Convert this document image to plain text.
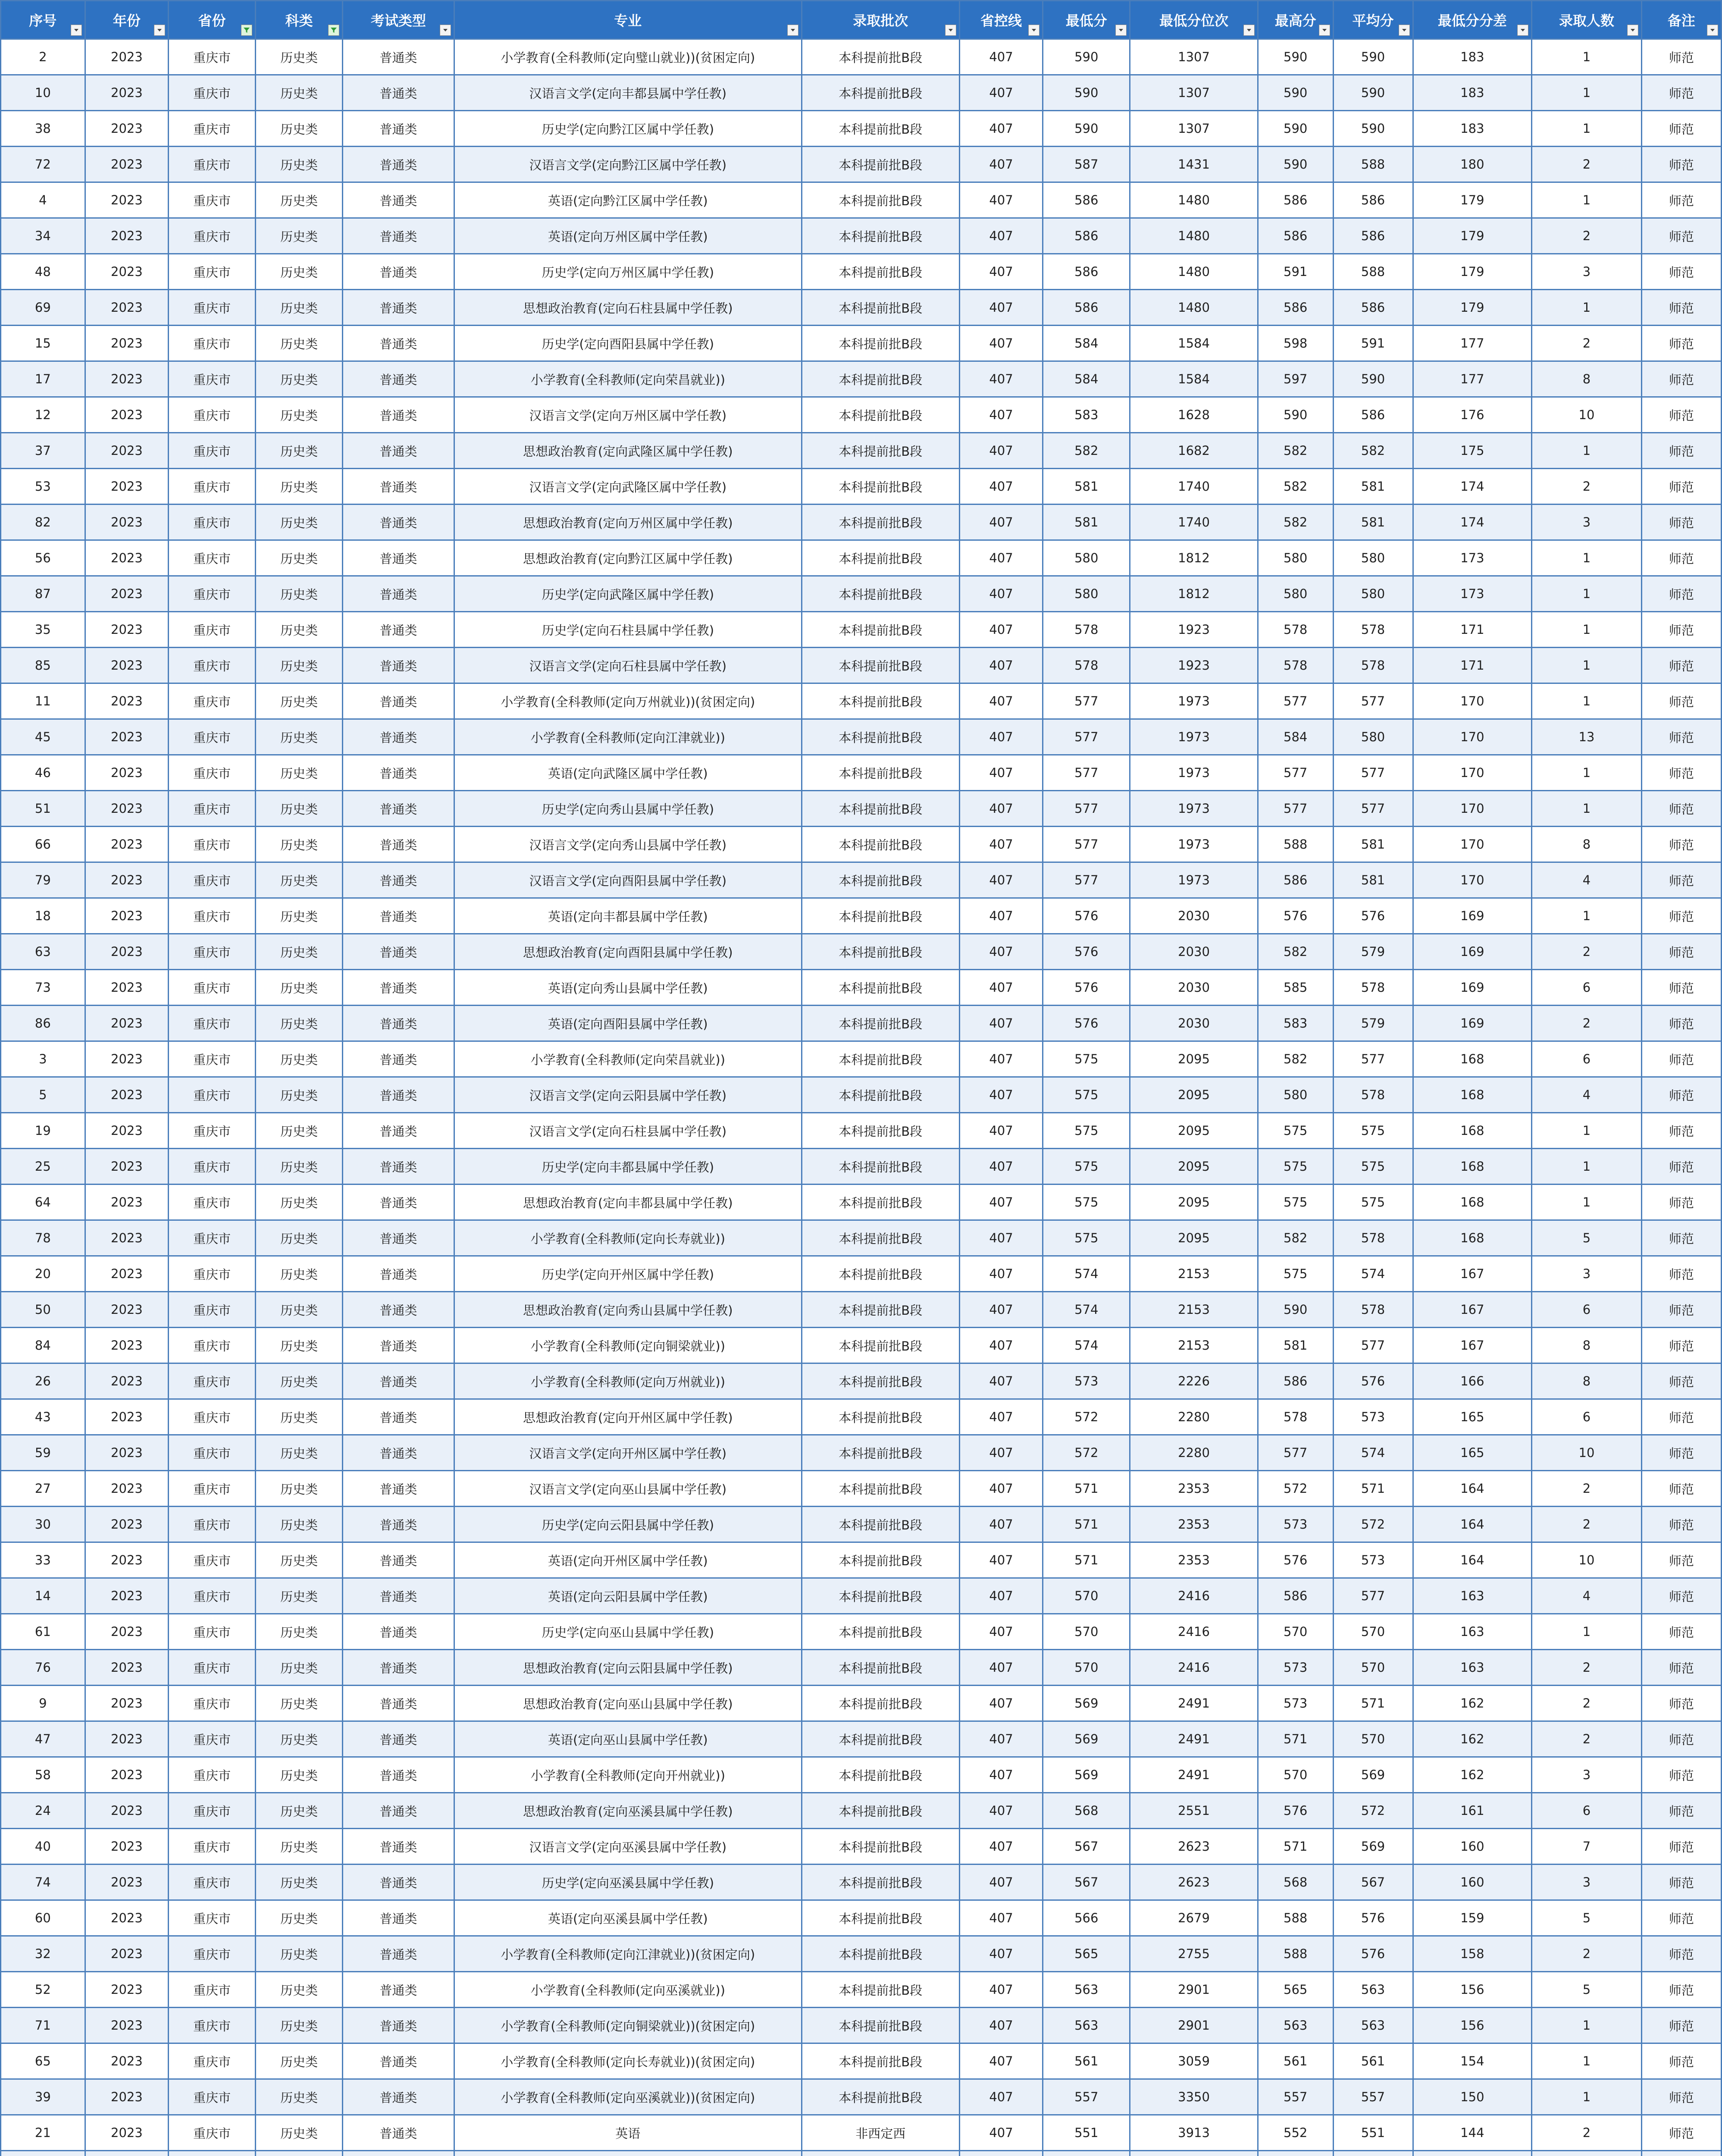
序号	年份	省份	科类	考试类型	专业	录取批次	省控线	最低分	最低分位次	最高分	平均分	最低分分差	录取人数	备注

2	2023	重庆市	历史类	普通类	小学教育(全科教师(定向璧山就业))(贫困定向)	本科提前批B段	407	590	1307	590	590	183	1	师范
10	2023	重庆市	历史类	普通类	汉语言文学(定向丰都县属中学任教)	本科提前批B段	407	590	1307	590	590	183	1	师范
38	2023	重庆市	历史类	普通类	历史学(定向黔江区属中学任教)	本科提前批B段	407	590	1307	590	590	183	1	师范
72	2023	重庆市	历史类	普通类	汉语言文学(定向黔江区属中学任教)	本科提前批B段	407	587	1431	590	588	180	2	师范
4	2023	重庆市	历史类	普通类	英语(定向黔江区属中学任教)	本科提前批B段	407	586	1480	586	586	179	1	师范
34	2023	重庆市	历史类	普通类	英语(定向万州区属中学任教)	本科提前批B段	407	586	1480	586	586	179	2	师范
48	2023	重庆市	历史类	普通类	历史学(定向万州区属中学任教)	本科提前批B段	407	586	1480	591	588	179	3	师范
69	2023	重庆市	历史类	普通类	思想政治教育(定向石柱县属中学任教)	本科提前批B段	407	586	1480	586	586	179	1	师范
15	2023	重庆市	历史类	普通类	历史学(定向酉阳县属中学任教)	本科提前批B段	407	584	1584	598	591	177	2	师范
17	2023	重庆市	历史类	普通类	小学教育(全科教师(定向荣昌就业))	本科提前批B段	407	584	1584	597	590	177	8	师范
12	2023	重庆市	历史类	普通类	汉语言文学(定向万州区属中学任教)	本科提前批B段	407	583	1628	590	586	176	10	师范
37	2023	重庆市	历史类	普通类	思想政治教育(定向武隆区属中学任教)	本科提前批B段	407	582	1682	582	582	175	1	师范
53	2023	重庆市	历史类	普通类	汉语言文学(定向武隆区属中学任教)	本科提前批B段	407	581	1740	582	581	174	2	师范
82	2023	重庆市	历史类	普通类	思想政治教育(定向万州区属中学任教)	本科提前批B段	407	581	1740	582	581	174	3	师范
56	2023	重庆市	历史类	普通类	思想政治教育(定向黔江区属中学任教)	本科提前批B段	407	580	1812	580	580	173	1	师范
87	2023	重庆市	历史类	普通类	历史学(定向武隆区属中学任教)	本科提前批B段	407	580	1812	580	580	173	1	师范
35	2023	重庆市	历史类	普通类	历史学(定向石柱县属中学任教)	本科提前批B段	407	578	1923	578	578	171	1	师范
85	2023	重庆市	历史类	普通类	汉语言文学(定向石柱县属中学任教)	本科提前批B段	407	578	1923	578	578	171	1	师范
11	2023	重庆市	历史类	普通类	小学教育(全科教师(定向万州就业))(贫困定向)	本科提前批B段	407	577	1973	577	577	170	1	师范
45	2023	重庆市	历史类	普通类	小学教育(全科教师(定向江津就业))	本科提前批B段	407	577	1973	584	580	170	13	师范
46	2023	重庆市	历史类	普通类	英语(定向武隆区属中学任教)	本科提前批B段	407	577	1973	577	577	170	1	师范
51	2023	重庆市	历史类	普通类	历史学(定向秀山县属中学任教)	本科提前批B段	407	577	1973	577	577	170	1	师范
66	2023	重庆市	历史类	普通类	汉语言文学(定向秀山县属中学任教)	本科提前批B段	407	577	1973	588	581	170	8	师范
79	2023	重庆市	历史类	普通类	汉语言文学(定向酉阳县属中学任教)	本科提前批B段	407	577	1973	586	581	170	4	师范
18	2023	重庆市	历史类	普通类	英语(定向丰都县属中学任教)	本科提前批B段	407	576	2030	576	576	169	1	师范
63	2023	重庆市	历史类	普通类	思想政治教育(定向酉阳县属中学任教)	本科提前批B段	407	576	2030	582	579	169	2	师范
73	2023	重庆市	历史类	普通类	英语(定向秀山县属中学任教)	本科提前批B段	407	576	2030	585	578	169	6	师范
86	2023	重庆市	历史类	普通类	英语(定向酉阳县属中学任教)	本科提前批B段	407	576	2030	583	579	169	2	师范
3	2023	重庆市	历史类	普通类	小学教育(全科教师(定向荣昌就业))	本科提前批B段	407	575	2095	582	577	168	6	师范
5	2023	重庆市	历史类	普通类	汉语言文学(定向云阳县属中学任教)	本科提前批B段	407	575	2095	580	578	168	4	师范
19	2023	重庆市	历史类	普通类	汉语言文学(定向石柱县属中学任教)	本科提前批B段	407	575	2095	575	575	168	1	师范
25	2023	重庆市	历史类	普通类	历史学(定向丰都县属中学任教)	本科提前批B段	407	575	2095	575	575	168	1	师范
64	2023	重庆市	历史类	普通类	思想政治教育(定向丰都县属中学任教)	本科提前批B段	407	575	2095	575	575	168	1	师范
78	2023	重庆市	历史类	普通类	小学教育(全科教师(定向长寿就业))	本科提前批B段	407	575	2095	582	578	168	5	师范
20	2023	重庆市	历史类	普通类	历史学(定向开州区属中学任教)	本科提前批B段	407	574	2153	575	574	167	3	师范
50	2023	重庆市	历史类	普通类	思想政治教育(定向秀山县属中学任教)	本科提前批B段	407	574	2153	590	578	167	6	师范
84	2023	重庆市	历史类	普通类	小学教育(全科教师(定向铜梁就业))	本科提前批B段	407	574	2153	581	577	167	8	师范
26	2023	重庆市	历史类	普通类	小学教育(全科教师(定向万州就业))	本科提前批B段	407	573	2226	586	576	166	8	师范
43	2023	重庆市	历史类	普通类	思想政治教育(定向开州区属中学任教)	本科提前批B段	407	572	2280	578	573	165	6	师范
59	2023	重庆市	历史类	普通类	汉语言文学(定向开州区属中学任教)	本科提前批B段	407	572	2280	577	574	165	10	师范
27	2023	重庆市	历史类	普通类	汉语言文学(定向巫山县属中学任教)	本科提前批B段	407	571	2353	572	571	164	2	师范
30	2023	重庆市	历史类	普通类	历史学(定向云阳县属中学任教)	本科提前批B段	407	571	2353	573	572	164	2	师范
33	2023	重庆市	历史类	普通类	英语(定向开州区属中学任教)	本科提前批B段	407	571	2353	576	573	164	10	师范
14	2023	重庆市	历史类	普通类	英语(定向云阳县属中学任教)	本科提前批B段	407	570	2416	586	577	163	4	师范
61	2023	重庆市	历史类	普通类	历史学(定向巫山县属中学任教)	本科提前批B段	407	570	2416	570	570	163	1	师范
76	2023	重庆市	历史类	普通类	思想政治教育(定向云阳县属中学任教)	本科提前批B段	407	570	2416	573	570	163	2	师范
9	2023	重庆市	历史类	普通类	思想政治教育(定向巫山县属中学任教)	本科提前批B段	407	569	2491	573	571	162	2	师范
47	2023	重庆市	历史类	普通类	英语(定向巫山县属中学任教)	本科提前批B段	407	569	2491	571	570	162	2	师范
58	2023	重庆市	历史类	普通类	小学教育(全科教师(定向开州就业))	本科提前批B段	407	569	2491	570	569	162	3	师范
24	2023	重庆市	历史类	普通类	思想政治教育(定向巫溪县属中学任教)	本科提前批B段	407	568	2551	576	572	161	6	师范
40	2023	重庆市	历史类	普通类	汉语言文学(定向巫溪县属中学任教)	本科提前批B段	407	567	2623	571	569	160	7	师范
74	2023	重庆市	历史类	普通类	历史学(定向巫溪县属中学任教)	本科提前批B段	407	567	2623	568	567	160	3	师范
60	2023	重庆市	历史类	普通类	英语(定向巫溪县属中学任教)	本科提前批B段	407	566	2679	588	576	159	5	师范
32	2023	重庆市	历史类	普通类	小学教育(全科教师(定向江津就业))(贫困定向)	本科提前批B段	407	565	2755	588	576	158	2	师范
52	2023	重庆市	历史类	普通类	小学教育(全科教师(定向巫溪就业))	本科提前批B段	407	563	2901	565	563	156	5	师范
71	2023	重庆市	历史类	普通类	小学教育(全科教师(定向铜梁就业))(贫困定向)	本科提前批B段	407	563	2901	563	563	156	1	师范
65	2023	重庆市	历史类	普通类	小学教育(全科教师(定向长寿就业))(贫困定向)	本科提前批B段	407	561	3059	561	561	154	1	师范
39	2023	重庆市	历史类	普通类	小学教育(全科教师(定向巫溪就业))(贫困定向)	本科提前批B段	407	557	3350	557	557	150	1	师范
21	2023	重庆市	历史类	普通类	英语	非西定西	407	551	3913	552	551	144	2	师范
